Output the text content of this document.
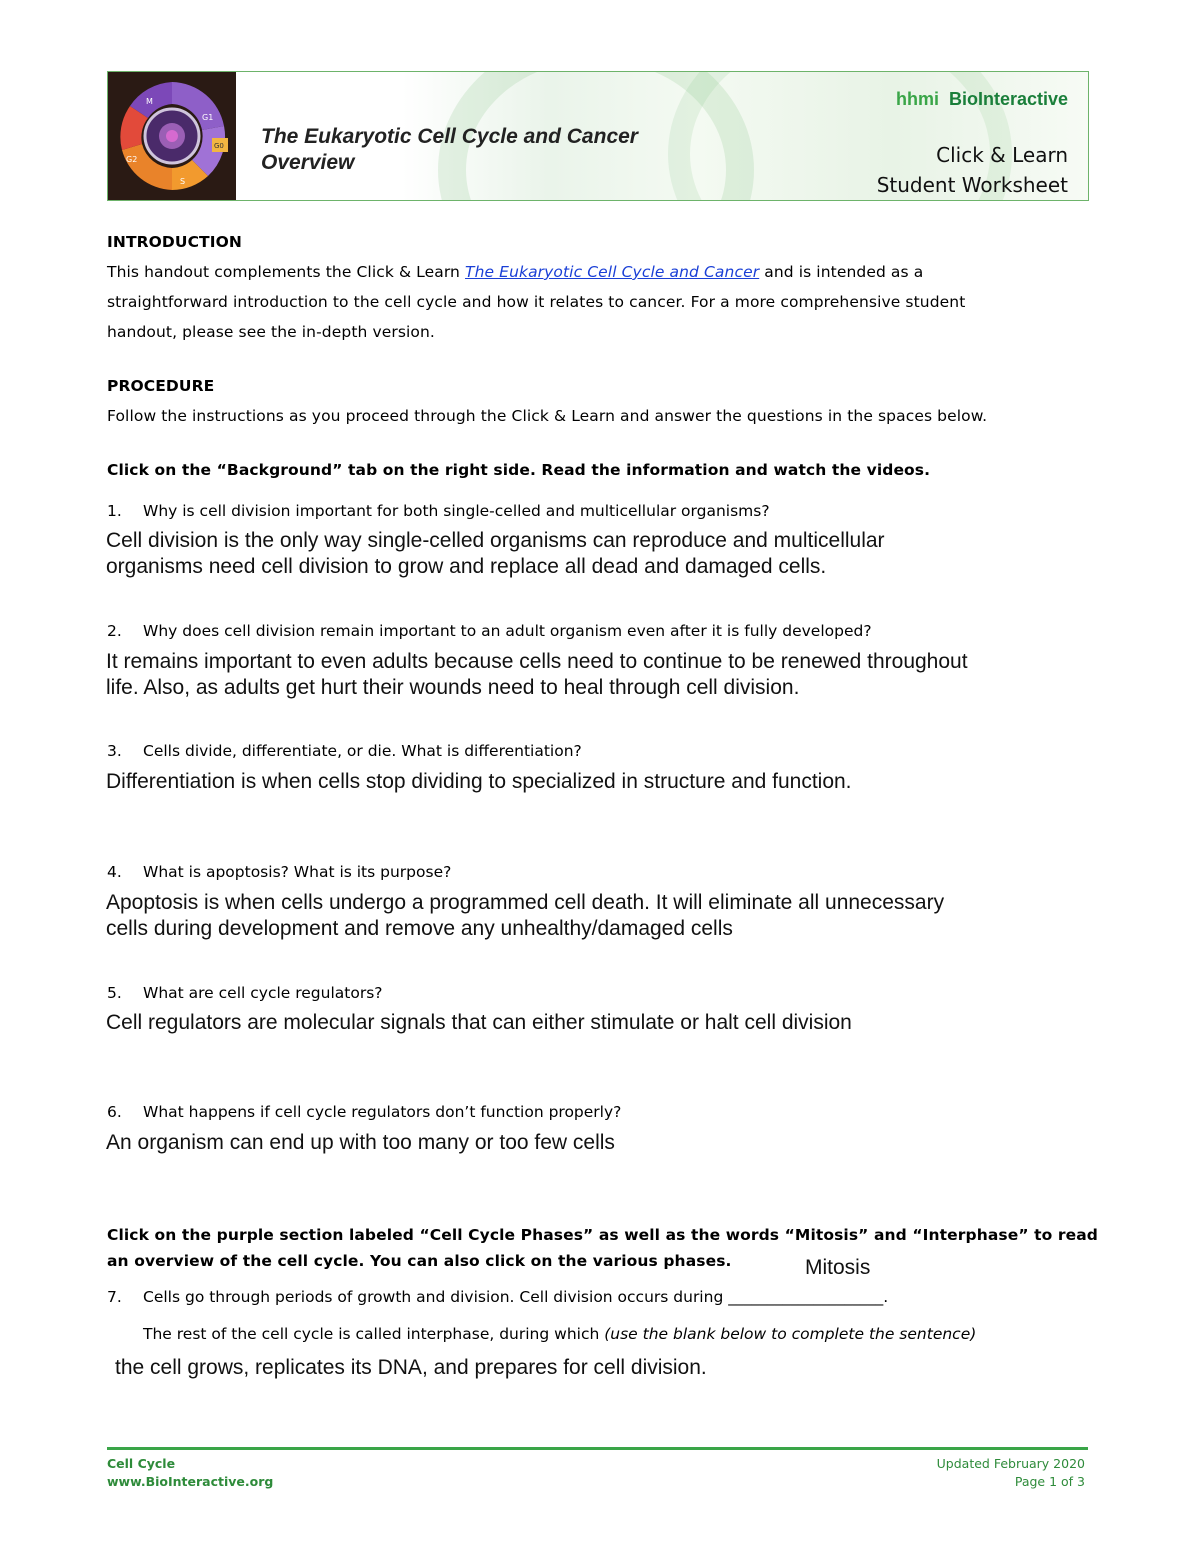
M
G1
G0
S
G2
The Eukaryotic Cell Cycle and Cancer
Overview
hhmi BioInteractive
Click & Learn
Student Worksheet
INTRODUCTION
This handout complements the Click & Learn The Eukaryotic Cell Cycle and Cancer and is intended as a
straightforward introduction to the cell cycle and how it relates to cancer. For a more comprehensive student
handout, please see the in-depth version.
PROCEDURE
Follow the instructions as you proceed through the Click & Learn and answer the questions in the spaces below.
Click on the “Background” tab on the right side. Read the information and watch the videos.
1. Why is cell division important for both single-celled and multicellular organisms?
Cell division is the only way single-celled organisms can reproduce and multicellular
organisms need cell division to grow and replace all dead and damaged cells.
2. Why does cell division remain important to an adult organism even after it is fully developed?
It remains important to even adults because cells need to continue to be renewed throughout
life. Also, as adults get hurt their wounds need to heal through cell division.
3. Cells divide, differentiate, or die. What is differentiation?
Differentiation is when cells stop dividing to specialized in structure and function.
4. What is apoptosis? What is its purpose?
Apoptosis is when cells undergo a programmed cell death. It will eliminate all unnecessary
cells during development and remove any unhealthy/damaged cells
5. What are cell cycle regulators?
Cell regulators are molecular signals that can either stimulate or halt cell division
6. What happens if cell cycle regulators don’t function properly?
An organism can end up with too many or too few cells
Click on the purple section labeled “Cell Cycle Phases” as well as the words “Mitosis” and “Interphase” to read
an overview of the cell cycle. You can also click on the various phases.	Mitosis
7. Cells go through periods of growth and division. Cell division occurs during ____________________.
The rest of the cell cycle is called interphase, during which (use the blank below to complete the sentence)
the cell grows, replicates its DNA, and prepares for cell division.
Cell Cycle
www.BioInteractive.org
Updated February 2020
Page 1 of 3
